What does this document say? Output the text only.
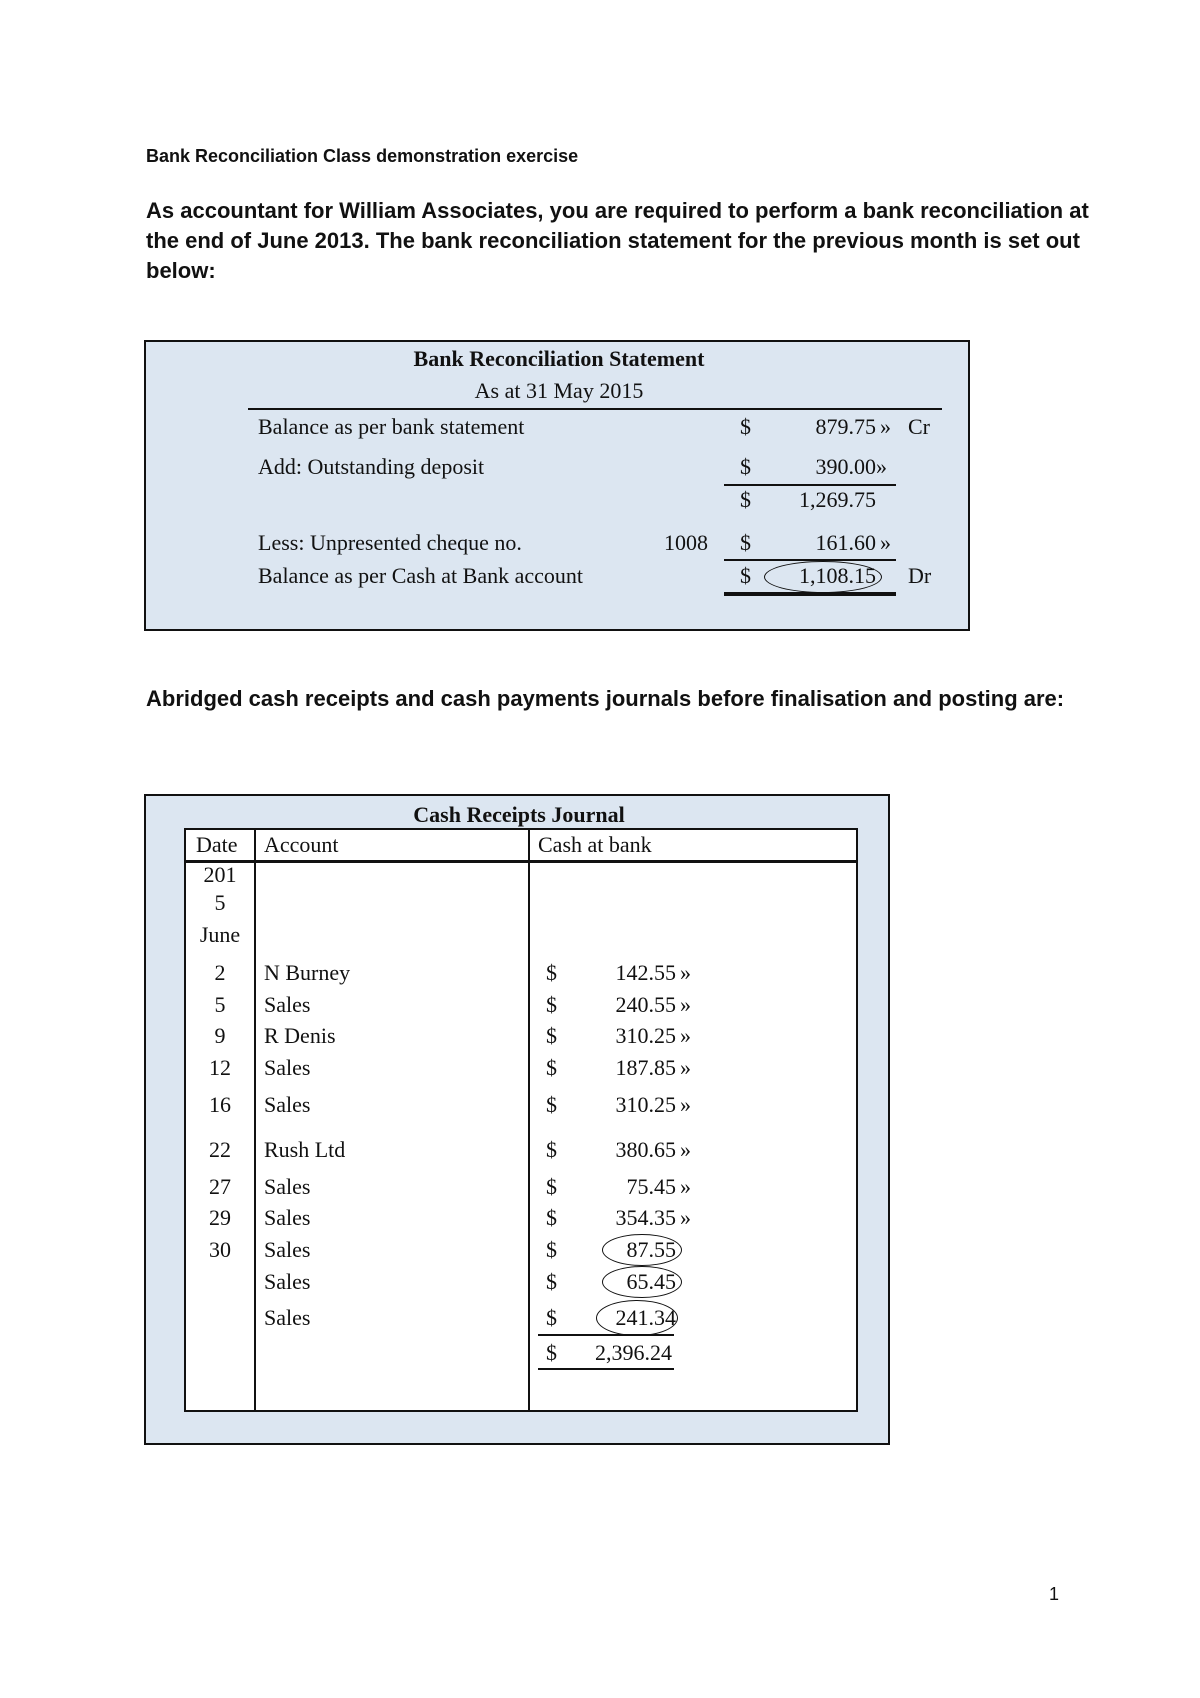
Bank Reconciliation Class demonstration exercise
As accountant for William Associates, you are required to perform a bank reconciliation at
the end of June 2013. The bank reconciliation statement for the previous month is set out
below:
Bank Reconciliation Statement
As at 31 May 2015
Balance as per bank statement	$	879.75 » Cr
Add: Outstanding deposit	$	390.00 »
$	1,269.75
Less: Unpresented cheque no.	1008 $	161.60 »
Balance as per Cash at Bank account	$	1,108.15 Dr
Abridged cash receipts and cash payments journals before finalisation and posting are:
Cash Receipts Journal
Date Account	Cash at bank
201
5
June
2	N Burney	$	142.55 »
5	Sales	$	240.55 »
9	R Denis	$	310.25 »
12	Sales	$	187.85 »
16	Sales	$	310.25 »
22	Rush Ltd	$	380.65 »
27	Sales	$	75.45 »
29	Sales	$	354.35 »
30	Sales	$	87.55
Sales	$	65.45
Sales	$	241.34
$	2,396.24
1
